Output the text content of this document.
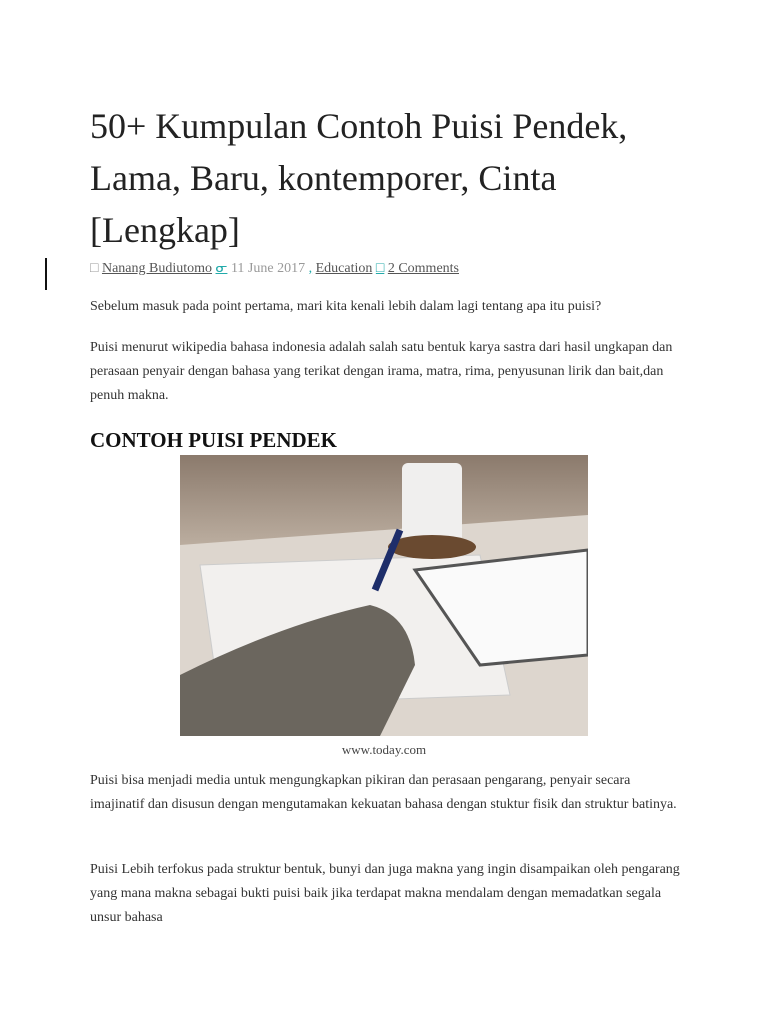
50+ Kumpulan Contoh Puisi Pendek, Lama, Baru, kontemporer, Cinta [Lengkap]
□ Nanang Budiutomo ᓂ 11 June 2017 , Education □ 2 Comments

Sebelum masuk pada point pertama, mari kita kenali lebih dalam lagi tentang apa itu puisi?

Puisi menurut wikipedia bahasa indonesia adalah salah satu bentuk karya sastra dari hasil ungkapan dan perasaan penyair dengan bahasa yang terikat dengan irama, matra, rima, penyusunan lirik dan bait,dan penuh makna.

CONTOH PUISI PENDEK
www.today.com

Puisi bisa menjadi media untuk mengungkapkan pikiran dan perasaan pengarang, penyair secara imajinatif dan disusun dengan mengutamakan kekuatan bahasa dengan stuktur fisik dan struktur batinya.

Puisi Lebih terfokus pada struktur bentuk, bunyi dan juga makna yang ingin disampaikan oleh pengarang yang mana makna sebagai bukti puisi baik jika terdapat makna mendalam dengan memadatkan segala unsur bahasa
